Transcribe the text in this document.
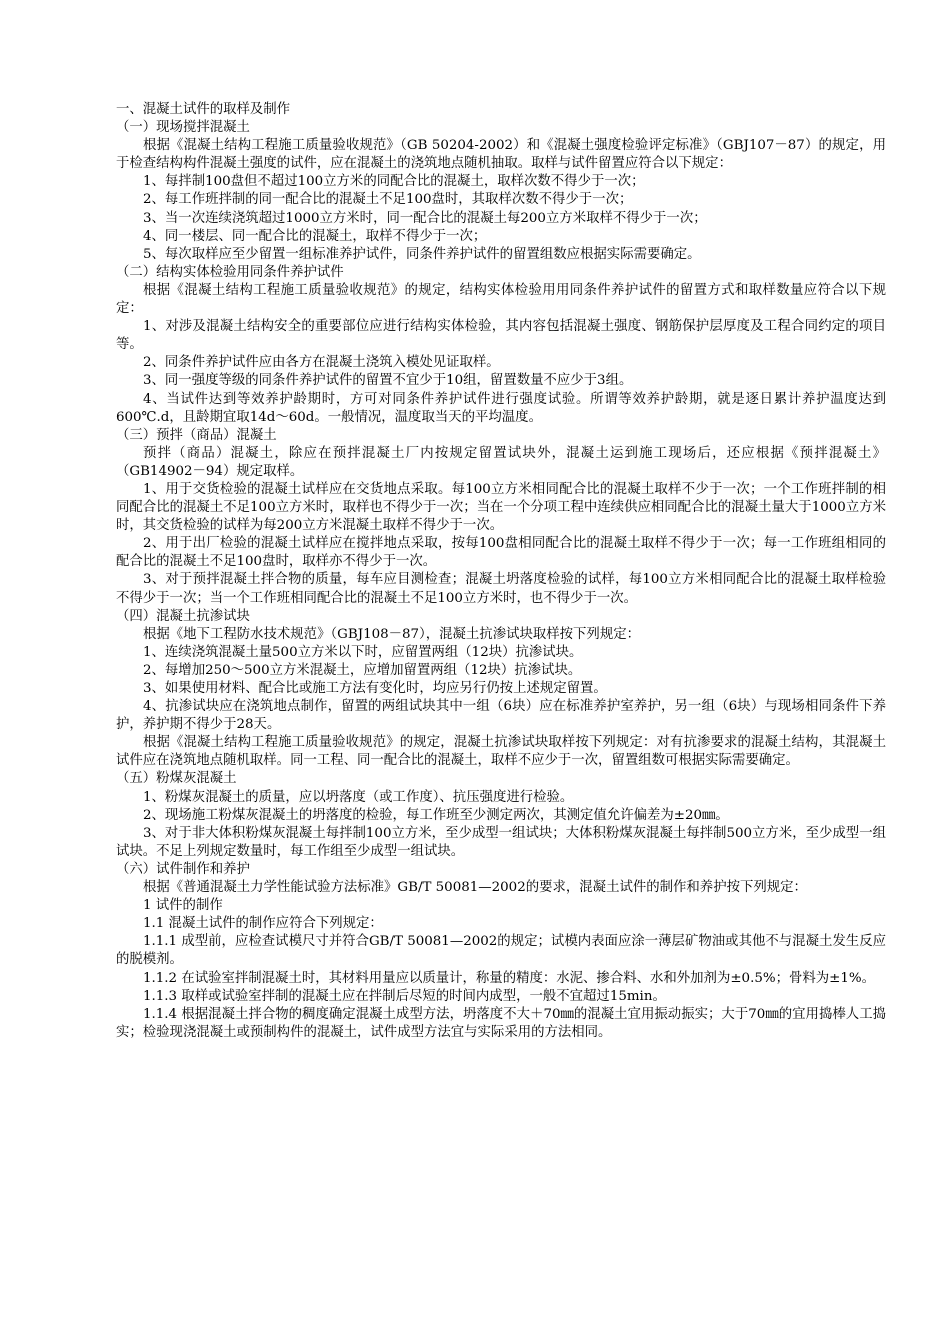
一、混凝土试件的取样及制作

（一）现场搅拌混凝土

根据《混凝土结构工程施工质量验收规范》（GB 50204-2002）和《混凝土强度检验评定标准》（GBJ107－87）的规定，用于检查结构构件混凝土强度的试件，应在混凝土的浇筑地点随机抽取。取样与试件留置应符合以下规定：

1、每拌制100盘但不超过100立方米的同配合比的混凝土，取样次数不得少于一次；

2、每工作班拌制的同一配合比的混凝土不足100盘时，其取样次数不得少于一次；

3、当一次连续浇筑超过1000立方米时，同一配合比的混凝土每200立方米取样不得少于一次；

4、同一楼层、同一配合比的混凝土，取样不得少于一次；

5、每次取样应至少留置一组标准养护试件，同条件养护试件的留置组数应根据实际需要确定。

（二）结构实体检验用同条件养护试件

根据《混凝土结构工程施工质量验收规范》的规定，结构实体检验用用同条件养护试件的留置方式和取样数量应符合以下规定：

1、对涉及混凝土结构安全的重要部位应进行结构实体检验，其内容包括混凝土强度、钢筋保护层厚度及工程合同约定的项目等。

2、同条件养护试件应由各方在混凝土浇筑入模处见证取样。

3、同一强度等级的同条件养护试件的留置不宜少于10组，留置数量不应少于3组。

4、当试件达到等效养护龄期时，方可对同条件养护试件进行强度试验。所谓等效养护龄期，就是逐日累计养护温度达到600℃.d，且龄期宜取14d～60d。一般情况，温度取当天的平均温度。

（三）预拌（商品）混凝土

预拌（商品）混凝土，除应在预拌混凝土厂内按规定留置试块外，混凝土运到施工现场后，还应根据《预拌混凝土》（GB14902－94）规定取样。

1、用于交货检验的混凝土试样应在交货地点采取。每100立方米相同配合比的混凝土取样不少于一次；一个工作班拌制的相同配合比的混凝土不足100立方米时，取样也不得少于一次；当在一个分项工程中连续供应相同配合比的混凝土量大于1000立方米时，其交货检验的试样为每200立方米混凝土取样不得少于一次。

2、用于出厂检验的混凝土试样应在搅拌地点采取，按每100盘相同配合比的混凝土取样不得少于一次；每一工作班组相同的配合比的混凝土不足100盘时，取样亦不得少于一次。

3、对于预拌混凝土拌合物的质量，每车应目测检查；混凝土坍落度检验的试样，每100立方米相同配合比的混凝土取样检验不得少于一次；当一个工作班相同配合比的混凝土不足100立方米时，也不得少于一次。

（四）混凝土抗渗试块

根据《地下工程防水技术规范》（GBJ108－87），混凝土抗渗试块取样按下列规定：

1、连续浇筑混凝土量500立方米以下时，应留置两组（12块）抗渗试块。

2、每增加250～500立方米混凝土，应增加留置两组（12块）抗渗试块。

3、如果使用材料、配合比或施工方法有变化时，均应另行仍按上述规定留置。

4、抗渗试块应在浇筑地点制作，留置的两组试块其中一组（6块）应在标准养护室养护，另一组（6块）与现场相同条件下养护，养护期不得少于28天。

根据《混凝土结构工程施工质量验收规范》的规定，混凝土抗渗试块取样按下列规定：对有抗渗要求的混凝土结构，其混凝土试件应在浇筑地点随机取样。同一工程、同一配合比的混凝土，取样不应少于一次，留置组数可根据实际需要确定。

（五）粉煤灰混凝土

1、粉煤灰混凝土的质量，应以坍落度（或工作度）、抗压强度进行检验。

2、现场施工粉煤灰混凝土的坍落度的检验，每工作班至少测定两次，其测定值允许偏差为±20㎜。

3、对于非大体积粉煤灰混凝土每拌制100立方米，至少成型一组试块；大体积粉煤灰混凝土每拌制500立方米，至少成型一组试块。不足上列规定数量时，每工作组至少成型一组试块。

（六）试件制作和养护

根据《普通混凝土力学性能试验方法标准》GB/T 50081—2002的要求，混凝土试件的制作和养护按下列规定：

1 试件的制作

1.1 混凝土试件的制作应符合下列规定：

1.1.1 成型前，应检查试模尺寸并符合GB/T 50081—2002的规定；试模内表面应涂一薄层矿物油或其他不与混凝土发生反应的脱模剂。

1.1.2 在试验室拌制混凝土时，其材料用量应以质量计，称量的精度：水泥、掺合料、水和外加剂为±0.5%；骨料为±1%。

1.1.3 取样或试验室拌制的混凝土应在拌制后尽短的时间内成型，一般不宜超过15min。

1.1.4 根据混凝土拌合物的稠度确定混凝土成型方法，坍落度不大＋70㎜的混凝土宜用振动振实；大于70㎜的宜用捣棒人工捣实；检验现浇混凝土或预制构件的混凝土，试件成型方法宜与实际采用的方法相同。
